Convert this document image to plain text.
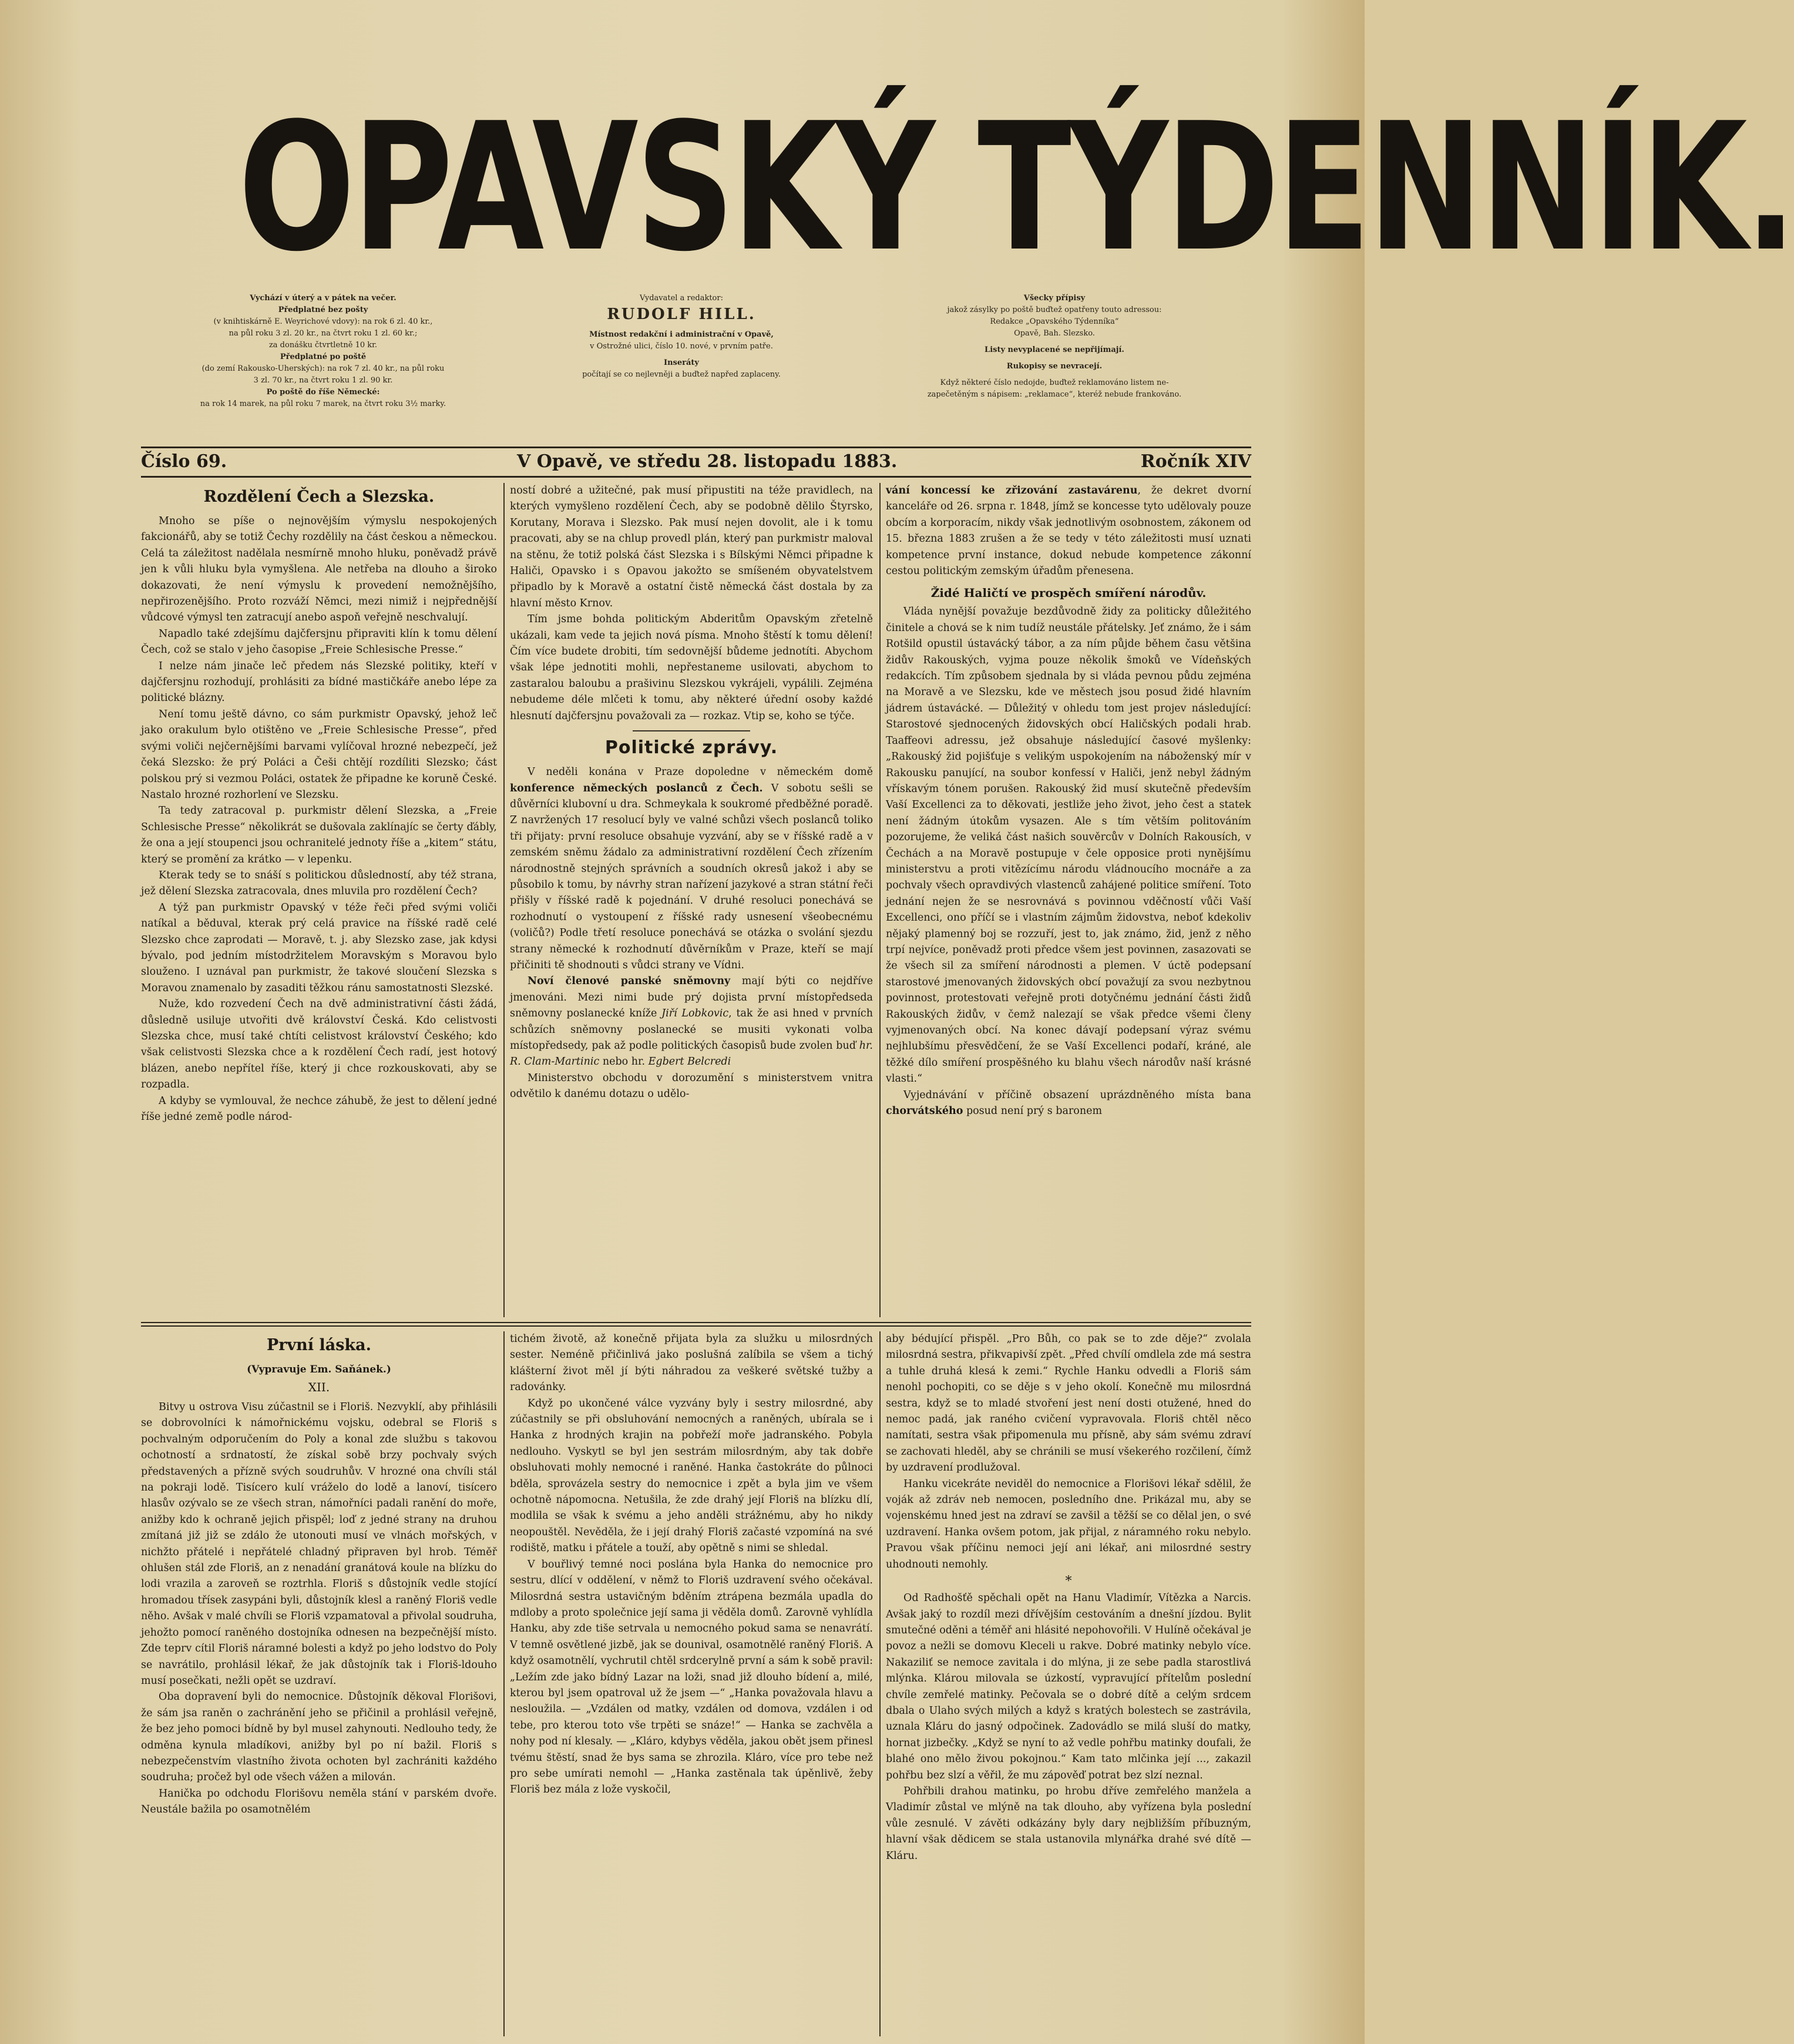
OPAVSKÝ TÝDENNÍK.

Vychází v úterý a v pátek na večer.

Předplatné bez pošty

(v knihtiskárně E. Weyrichové vdovy): na rok 6 zl. 40 kr.,

na půl roku 3 zl. 20 kr., na čtvrt roku 1 zl. 60 kr.;

za donášku čtvrtletně 10 kr.

Předplatné po poště

(do zemí Rakousko-Uherských): na rok 7 zl. 40 kr., na půl roku

3 zl. 70 kr., na čtvrt roku 1 zl. 90 kr.

Po poště do říše Německé:

na rok 14 marek, na půl roku 7 marek, na čtvrt roku 3½ marky.

Vydavatel a redaktor:

RUDOLF HILL.

Místnost redakční i administrační v Opavě,

v Ostrožné ulici, číslo 10. nové, v prvním patře.

Inseráty

počítají se co nejlevněji a buďtež napřed zaplaceny.

Všecky přípisy

jakož zásylky po poště buďtež opatřeny touto adressou:

Redakce „Opavského Týdenníka“

Opavě, Bah. Slezsko.

Listy nevyplacené se nepřijímají.

Rukopisy se nevracejí.

Když některé číslo nedojde, buďtež reklamováno listem ne-

zapečetěným s nápisem: „reklamace“, kteréž nebude frankováno.

Číslo 69.	V Opavě, ve středu 28. listopadu 1883.	Ročník XIV
Rozdělení Čech a Slezska.

Mnoho se píše o nejnovějším výmyslu nespokojených fakcionářů, aby se totiž Čechy rozdělily na část českou a německou. Celá ta záležitost nadělala nesmírně mnoho hluku, poněvadž právě jen k vůli hluku byla vymyšlena. Ale netřeba na dlouho a široko dokazovati, že není výmyslu k provedení nemožnějšího, nepřirozenějšího. Proto rozváží Němci, mezi nimiž i nejpřednější vůdcové výmysl ten zatracují anebo aspoň veřejně neschvalují.

Napadlo také zdejšímu dajčfersjnu připraviti klín k tomu dělení Čech, což se stalo v jeho časopise „Freie Schlesische Presse.“

I nelze nám jinače leč předem nás Slezské politiky, kteří v dajčfersjnu rozhodují, prohlásiti za bídné mastičkáře anebo lépe za politické blázny.

Není tomu ještě dávno, co sám purkmistr Opavský, jehož leč jako orakulum bylo otištěno ve „Freie Schlesische Presse“, před svými voliči nejčernějšími barvami vylíčoval hrozné nebezpečí, jež čeká Slezsko: že prý Poláci a Češi chtějí rozdíliti Slezsko; část polskou prý si vezmou Poláci, ostatek že připadne ke koruně České. Nastalo hrozné rozhorlení ve Slezsku.

Ta tedy zatracoval p. purkmistr dělení Slezska, a „Freie Schlesische Presse“ několikrát se dušovala zaklínajíc se čerty ďábly, že ona a její stoupenci jsou ochranitelé jednoty říše a „kitem“ státu, který se promění za krátko — v lepenku.

Kterak tedy se to snáší s politickou důsledností, aby též strana, jež dělení Slezska zatracovala, dnes mluvila pro rozdělení Čech?

A týž pan purkmistr Opavský v téže řeči před svými voliči natíkal a běduval, kterak prý celá pravice na říšské radě celé Slezsko chce zaprodati — Moravě, t. j. aby Slezsko zase, jak kdysi bývalo, pod jedním místodržitelem Moravským s Moravou bylo slouženo. I uznával pan purkmistr, že takové sloučení Slezska s Moravou znamenalo by zasaditi těžkou ránu samostatnosti Slezské.

Nuže, kdo rozvedení Čech na dvě administrativní části žádá, důsledně usiluje utvořiti dvě království Česká. Kdo celistvosti Slezska chce, musí také chtíti celistvost království Českého; kdo však celistvosti Slezska chce a k rozdělení Čech radí, jest hotový blázen, anebo nepřítel říše, který ji chce rozkouskovati, aby se rozpadla.

A kdyby se vymlouval, že nechce záhubě, že jest to dělení jedné říše jedné země podle národ-

ností dobré a užitečné, pak musí připustiti na téže pravidlech, na kterých vymyšleno rozdělení Čech, aby se podobně dělilo Štyrsko, Korutany, Morava i Slezsko. Pak musí nejen dovolit, ale i k tomu pracovati, aby se na chlup provedl plán, který pan purkmistr maloval na stěnu, že totiž polská část Slezska i s Bílskými Němci připadne k Haliči, Opavsko i s Opavou jakožto se smíšeném obyvatelstvem připadlo by k Moravě a ostatní čistě německá část dostala by za hlavní město Krnov.

Tím jsme bohda politickým Abderitům Opavským zřetelně ukázali, kam vede ta jejich nová písma. Mnoho štěstí k tomu dělení! Čím více budete drobiti, tím sedovnější bůdeme jednotíti. Abychom však lépe jednotiti mohli, nepřestaneme usilovati, abychom to zastaralou baloubu a prašivinu Slezskou vykrájeli, vypálili. Zejména nebudeme déle mlčeti k tomu, aby některé úřední osoby každé hlesnutí dajčfersjnu považovali za — rozkaz. Vtip se, koho se týče.

Politické zprávy.

V neděli konána v Praze dopoledne v německém domě konference německých poslanců z Čech. V sobotu sešli se důvěrníci klubovní u dra. Schmeykala k soukromé předběžné poradě. Z navržených 17 resolucí byly ve valné schůzi všech poslanců toliko tři přijaty: první resoluce obsahuje vyzvání, aby se v říšské radě a v zemském sněmu žádalo za administrativní rozdělení Čech zřízením národnostně stejných správních a soudních okresů jakož i aby se působilo k tomu, by návrhy stran nařízení jazykové a stran státní řeči přišly v říšské radě k pojednání. V druhé resoluci ponechává se rozhodnutí o vystoupení z říšské rady usnesení všeobecnému (voličů?) Podle třetí resoluce ponechává se otázka o svolání sjezdu strany německé k rozhodnutí důvěrníkům v Praze, kteří se mají přičiniti tě shodnouti s vůdci strany ve Vídni.

Noví členové panské sněmovny mají býti co nejdříve jmenováni. Mezi nimi bude prý dojista první místopředseda sněmovny poslanecké kníže Jiří Lobkovic, tak že asi hned v prvních schůzích sněmovny poslanecké se musiti vykonati volba místopředsedy, pak až podle politických časopisů bude zvolen buď hr. R. Clam-Martinic nebo hr. Egbert Belcredi

Ministerstvo obchodu v dorozumění s ministerstvem vnitra odvětilo k danému dotazu o udělo-

vání koncessí ke zřizování zastavárenu, že dekret dvorní kanceláře od 26. srpna r. 1848, jímž se koncesse tyto udělovaly pouze obcím a korporacím, nikdy však jednotlivým osobnostem, zákonem od 15. března 1883 zrušen a že se tedy v této záležitosti musí uznati kompetence první instance, dokud nebude kompetence zákonní cestou politickým zemským úřadům přenesena.

Židé Haličtí ve prospěch smíření národův.

Vláda nynější považuje bezdůvodně židy za politicky důležitého činitele a chová se k nim tudíž neustále přátelsky. Jeť známo, že i sám Rotšild opustil ústavácký tábor, a za ním půjde během času většina židův Rakouských, vyjma pouze několik šmoků ve Vídeňských redakcích. Tím způsobem sjednala by si vláda pevnou půdu zejména na Moravě a ve Slezsku, kde ve městech jsou posud židé hlavním jádrem ústavácké. — Důležitý v ohledu tom jest projev následující: Starostové sjednocených židovských obcí Haličských podali hrab. Taaffeovi adressu, jež obsahuje následující časové myšlenky: „Rakouský žid pojišťuje s velikým uspokojením na náboženský mír v Rakousku panující, na soubor konfessí v Haliči, jenž nebyl žádným vřískavým tónem porušen. Rakouský žid musí skutečně především Vaší Excellenci za to děkovati, jestliže jeho život, jeho čest a statek není žádným útokům vysazen. Ale s tím větším politováním pozorujeme, že veliká část našich souvěrcův v Dolních Rakousích, v Čechách a na Moravě postupuje v čele opposice proti nynějšímu ministerstvu a proti vitězícímu národu vládnoucího mocnáře a za pochvaly všech opravdivých vlastenců zahájené politice smíření. Toto jednání nejen že se nesrovnává s povinnou vděčností vůči Vaší Excellenci, ono příčí se i vlastním zájmům židovstva, neboť kdekoliv nějaký plamenný boj se rozzuří, jest to, jak známo, žid, jenž z něho trpí nejvíce, poněvadž proti předce všem jest povinnen, zasazovati se že všech sil za smíření národnosti a plemen. V úctě podepsaní starostové jmenovaných židovských obcí považují za svou nezbytnou povinnost, protestovati veřejně proti dotyčnému jednání části židů Rakouských židův, v čemž nalezají se však předce všemi členy vyjmenovaných obcí. Na konec dávají podepsaní výraz svému nejhlubšímu přesvědčení, že se Vaší Excellenci podaří, kráné, ale těžké dílo smíření prospěšného ku blahu všech národův naší krásné vlasti.“

Vyjednávání v příčině obsazení uprázdněného místa bana chorvátského posud není prý s baronem

První láska.

(Vypravuje Em. Saňánek.)

XII.

Bitvy u ostrova Visu zúčastnil se i Floriš. Nezvyklí, aby přihlásili se dobrovolníci k námořnickému vojsku, odebral se Floriš s pochvalným odporučením do Poly a konal zde službu s takovou ochotností a srdnatostí, že získal sobě brzy pochvaly svých představených a přízně svých soudruhův. V hrozné ona chvíli stál na pokraji lodě. Tisícero kulí vráželo do lodě a lanoví, tisícero hlasův ozývalo se ze všech stran, námořníci padali ranění do moře, anižby kdo k ochraně jejich přispěl; loď z jedné strany na druhou zmítaná již již se zdálo že utonouti musí ve vlnách mořských, v nichžto přátelé i nepřátelé chladný připraven byl hrob. Téměř ohlušen stál zde Floriš, an z nenadání granátová koule na blízku do lodi vrazila a zaroveň se roztrhla. Floriš s důstojník vedle stojící hromadou třísek zasypáni byli, důstojník klesl a raněný Floriš vedle něho. Avšak v malé chvíli se Floriš vzpamatoval a přivolal soudruha, jehožto pomocí raněného dostojníka odnesen na bezpečnější místo. Zde teprv cítil Floriš náramné bolesti a když po jeho lodstvo do Poly se navrátilo, prohlásil lékař, že jak důstojník tak i Floriš-ldouho musí posečkati, nežli opět se uzdraví.

Oba dopravení byli do nemocnice. Důstojník děkoval Florišovi, že sám jsa raněn o zachránění jeho se přičinil a prohlásil veřejně, že bez jeho pomoci bídně by byl musel zahynouti. Nedlouho tedy, že odměna kynula mladíkovi, anižby byl po ní bažil. Floriš s nebezpečenstvím vlastního života ochoten byl zachrániti každého soudruha; pročež byl ode všech vážen a milován.

Hanička po odchodu Florišovu neměla stání v parském dvoře. Neustále bažila po osamotnělém

tichém životě, až konečně přijata byla za služku u milosrdných sester. Neméně přičinlivá jako poslušná zalíbila se všem a tichý klášterní život měl jí býti náhradou za veškeré světské tužby a radovánky.

Když po ukončené válce vyzvány byly i sestry milosrdné, aby zúčastnily se při obsluhování nemocných a raněných, ubírala se i Hanka z hrodných krajin na pobřeží moře jadranského. Pobyla nedlouho. Vyskytl se byl jen sestrám milosrdným, aby tak dobře obsluhovati mohly nemocné i raněné. Hanka častokráte do půlnoci bděla, sprovázela sestry do nemocnice i zpět a byla jim ve všem ochotně nápomocna. Netušila, že zde drahý její Floriš na blízku dlí, modlila se však k svému a jeho anděli strážnému, aby ho nikdy neopouštěl. Nevěděla, že i její drahý Floriš začasté vzpomíná na své rodiště, matku i přátele a touží, aby opětně s nimi se shledal.

V bouřlivý temné noci poslána byla Hanka do nemocnice pro sestru, dlící v oddělení, v němž to Floriš uzdravení svého očekával. Milosrdná sestra ustavičným bděním ztrápena bezmála upadla do mdloby a proto společnice její sama ji věděla domů. Zarovně vyhlídla Hanku, aby zde tiše setrvala u nemocného pokud sama se nenavrátí. V temně osvětlené jizbě, jak se dounival, osamotnělé raněný Floriš. A když osamotnělí, vychrutil chtěl srdcerylně první a sám k sobě pravil: „Ležím zde jako bídný Lazar na loži, snad již dlouho bídení a, milé, kterou byl jsem opatroval už že jsem —“ „Hanka považovala hlavu a nesloužila. — „Vzdálen od matky, vzdálen od domova, vzdálen i od tebe, pro kterou toto vše trpěti se snáze!“ — Hanka se zachvěla a nohy pod ní klesaly. — „Kláro, kdybys věděla, jakou obět jsem přinesl tvému štěstí, snad že bys sama se zhrozila. Kláro, více pro tebe než pro sebe umírati nemohl — „Hanka zastěnala tak úpěnlivě, žeby Floriš bez mála z lože vyskočil,

aby bédující přispěl. „Pro Bůh, co pak se to zde děje?“ zvolala milosrdná sestra, přikvapivší zpět. „Před chvílí omdlela zde má sestra a tuhle druhá klesá k zemi.“ Rychle Hanku odvedli a Floriš sám nenohl pochopiti, co se děje s v jeho okolí. Konečně mu milosrdná sestra, když se to mladé stvoření jest není dosti otužené, hned do nemoc padá, jak raného cvičení vypravovala. Floriš chtěl něco namítati, sestra však připomenula mu přísně, aby sám svému zdraví se zachovati hleděl, aby se chránili se musí všekerého rozčilení, čímž by uzdravení prodlužoval.

Hanku vicekráte neviděl do nemocnice a Florišovi lékař sdělil, že voják až zdráv neb nemocen, posledního dne. Prikázal mu, aby se vojenskému hned jest na zdraví se zavšil a těžší se co dělal jen, o své uzdravení. Hanka ovšem potom, jak přijal, z náramného roku nebylo. Pravou však příčinu nemoci její ani lékař, ani milosrdné sestry uhodnouti nemohly.

*

Od Radhošťě spěchali opět na Hanu Vladimír, Vítězka a Narcis. Avšak jaký to rozdíl mezi dřívějším cestováním a dnešní jízdou. Bylit smutečné oděni a téměř ani hlásité nepohovořili. V Hulíně očekával je povoz a nežli se domovu Kleceli u rakve. Dobré matinky nebylo více. Nakaziliť se nemoce zavitala i do mlýna, ji ze sebe padla starostlivá mlýnka. Klárou milovala se úzkostí, vypravující přítelům poslední chvíle zemřelé matinky. Pečovala se o dobré dítě a celým srdcem dbala o Ulaho svých milých a když s kratých bolestech se zastrávila, uznala Kláru do jasný odpočinek. Zadovádlo se milá sluší do matky, hornat jizbečky. „Když se nyní to až vedle pohřbu matinky doufali, že blahé ono mělo živou pokojnou.“ Kam tato mlčinka její ..., zakazil pohřbu bez slzí a věřil, že mu zápověď potrat bez slzí neznal.

Pohřbili drahou matinku, po hrobu dříve zemřelého manžela a Vladimír zůstal ve mlýně na tak dlouho, aby vyřízena byla poslední vůle zesnulé. V závěti odkázány byly dary nejbližším příbuzným, hlavní však dědicem se stala ustanovila mlynářka drahé své dítě — Kláru.
